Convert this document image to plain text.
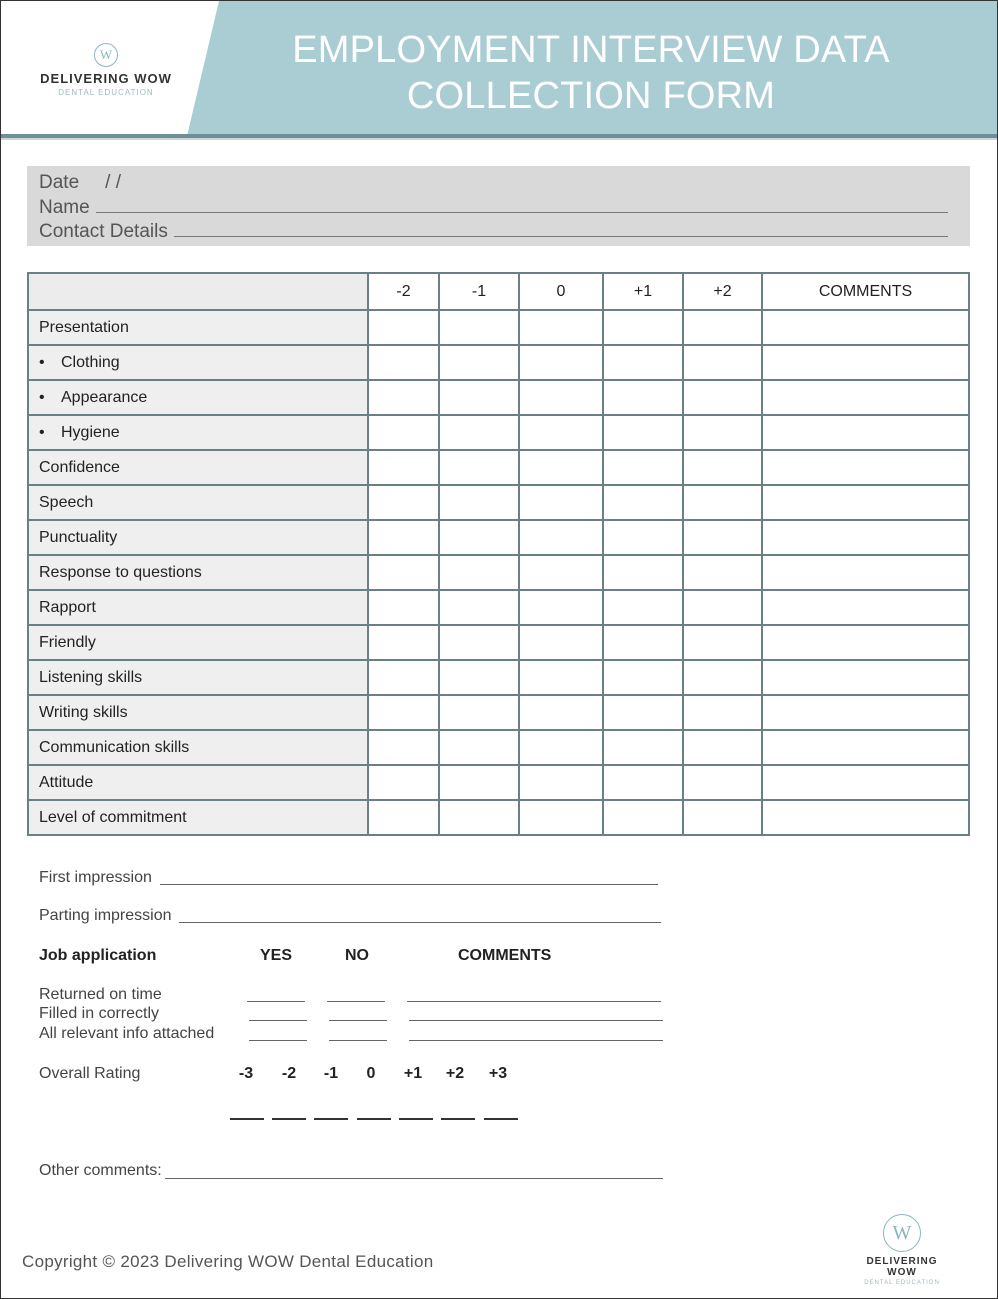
W
DELIVERING WOW
DENTAL EDUCATION
EMPLOYMENT INTERVIEW DATA
COLLECTION FORM
Date / /
Name
Contact Details
	-2	-1	0	+1	+2	COMMENTS
Presentation						
• Clothing						
• Appearance						
• Hygiene						
Confidence						
Speech						
Punctuality						
Response to questions						
Rapport						
Friendly						
Listening skills						
Writing skills						
Communication skills						
Attitude						
Level of commitment						
First impression
Parting impression
Job application	YES	NO	COMMENTS
Returned on time
Filled in correctly
All relevant info attached
Overall Rating	-3	-2	-1	0	+1	+2	+3
Other comments:
Copyright © 2023 Delivering WOW Dental Education
W
DELIVERING WOW
DENTAL EDUCATION
